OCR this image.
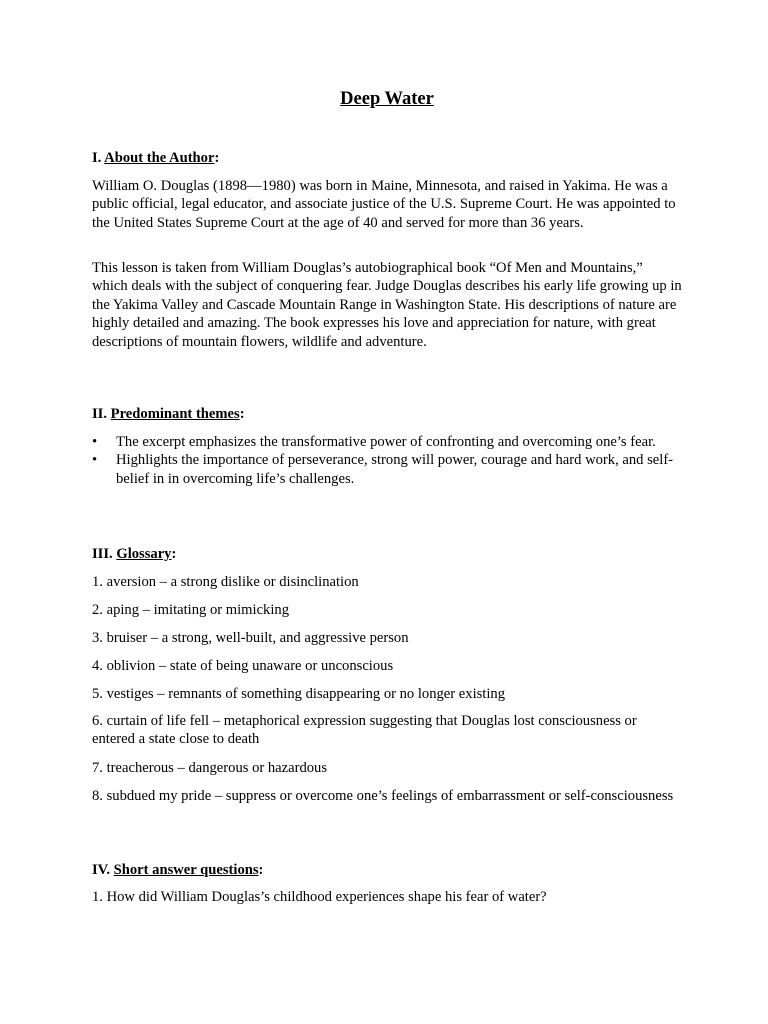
Deep Water

I. About the Author:

William O. Douglas (1898—1980) was born in Maine, Minnesota, and raised in Yakima. He was a public official, legal educator, and associate justice of the U.S. Supreme Court. He was appointed to the United States Supreme Court at the age of 40 and served for more than 36 years.

This lesson is taken from William Douglas’s autobiographical book “Of Men and Mountains,” which deals with the subject of conquering fear. Judge Douglas describes his early life growing up in the Yakima Valley and Cascade Mountain Range in Washington State. His descriptions of nature are highly detailed and amazing. The book expresses his love and appreciation for nature, with great descriptions of mountain flowers, wildlife and adventure.

II. Predominant themes:

•	The excerpt emphasizes the transformative power of confronting and overcoming one’s fear.
•	Highlights the importance of perseverance, strong will power, courage and hard work, and self-belief in in overcoming life’s challenges.

III. Glossary:

1. aversion – a strong dislike or disinclination

2. aping – imitating or mimicking

3. bruiser – a strong, well-built, and aggressive person

4. oblivion – state of being unaware or unconscious

5. vestiges – remnants of something disappearing or no longer existing

6. curtain of life fell – metaphorical expression suggesting that Douglas lost consciousness or entered a state close to death

7. treacherous – dangerous or hazardous

8. subdued my pride – suppress or overcome one’s feelings of embarrassment or self-consciousness

IV. Short answer questions:

1. How did William Douglas’s childhood experiences shape his fear of water?
